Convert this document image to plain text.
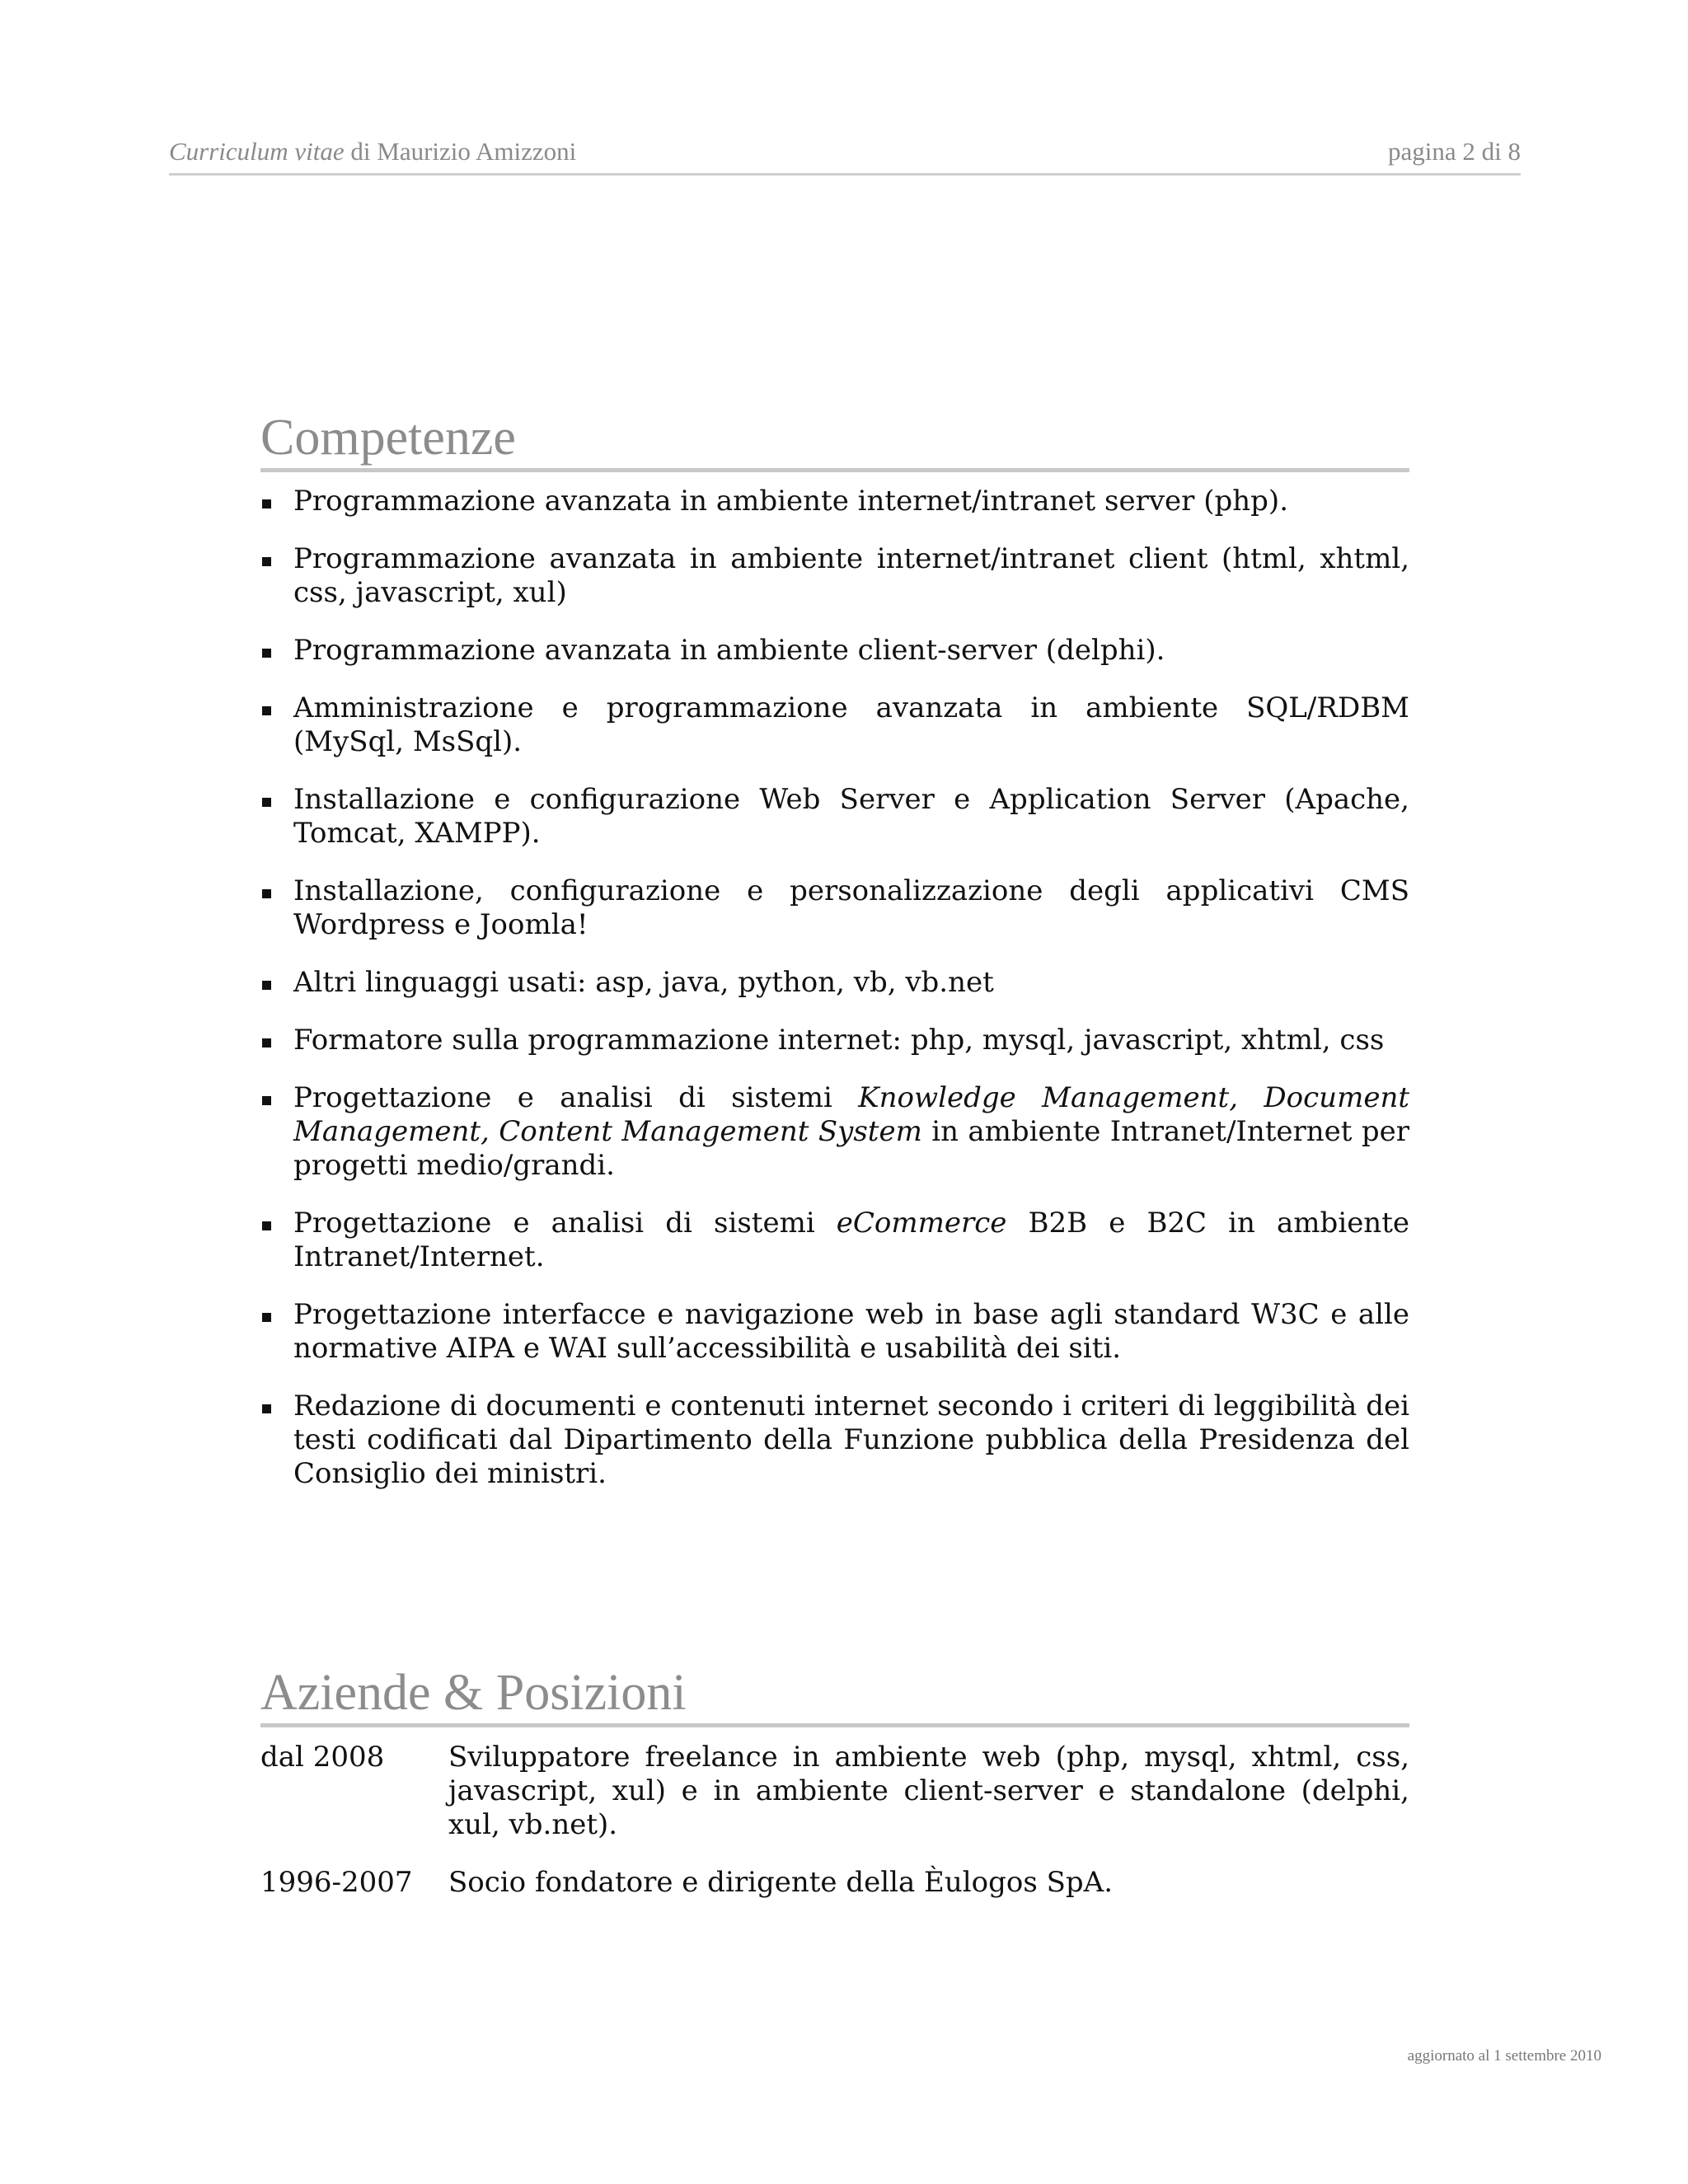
Curriculum vitae di Maurizio Amizzoni	pagina 2 di 8
Competenze
Programmazione avanzata in ambiente internet/intranet server (php).
Programmazione avanzata in ambiente internet/intranet client (html, xhtml, css, javascript, xul)
Programmazione avanzata in ambiente client-server (delphi).
Amministrazione e programmazione avanzata in ambiente SQL/RDBM (MySql, MsSql).
Installazione e configurazione Web Server e Application Server (Apache, Tomcat, XAMPP).
Installazione, configurazione e personalizzazione degli applicativi CMS Wordpress e Joomla!
Altri linguaggi usati: asp, java, python, vb, vb.net
Formatore sulla programmazione internet: php, mysql, javascript, xhtml, css
Progettazione e analisi di sistemi Knowledge Management, Document Management, Content Management System in ambiente Intranet/Internet per progetti medio/grandi.
Progettazione e analisi di sistemi eCommerce B2B e B2C in ambiente Intranet/Internet.
Progettazione interfacce e navigazione web in base agli standard W3C e alle normative AIPA e WAI sull’accessibilità e usabilità dei siti.
Redazione di documenti e contenuti internet secondo i criteri di leggibilità dei testi codificati dal Dipartimento della Funzione pubblica della Presidenza del Consiglio dei ministri.
Aziende & Posizioni
dal 2008	Sviluppatore freelance in ambiente web (php, mysql, xhtml, css, javascript, xul) e in ambiente client-server e standalone (delphi, xul, vb.net).
1996-2007	Socio fondatore e dirigente della Èulogos SpA.
aggiornato al 1 settembre 2010
